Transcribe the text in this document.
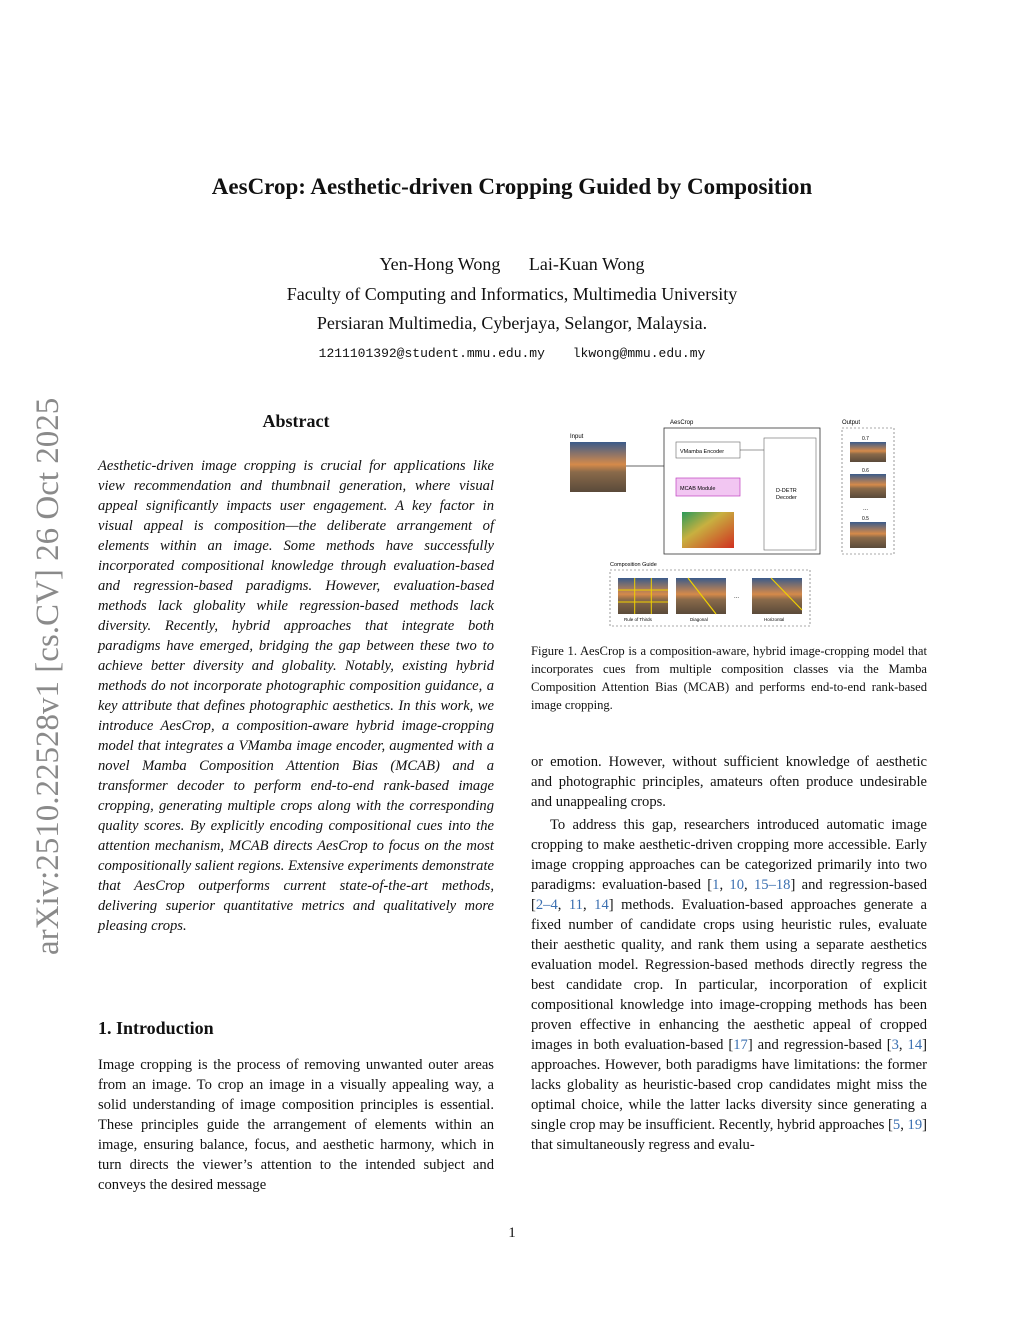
arXiv:2510.22528v1 [cs.CV] 26 Oct 2025
AesCrop: Aesthetic-driven Cropping Guided by Composition
Yen-Hong Wong Lai-Kuan Wong
Faculty of Computing and Informatics, Multimedia University
Persiaran Multimedia, Cyberjaya, Selangor, Malaysia.
1211101392@student.mmu.edu.my lkwong@mmu.edu.my
Abstract

Aesthetic-driven image cropping is crucial for applications like view recommendation and thumbnail generation, where visual appeal significantly impacts user engagement. A key factor in visual appeal is composition—the deliberate arrangement of elements within an image. Some methods have successfully incorporated compositional knowledge through evaluation-based and regression-based paradigms. However, evaluation-based methods lack globality while regression-based methods lack diversity. Recently, hybrid approaches that integrate both paradigms have emerged, bridging the gap between these two to achieve better diversity and globality. Notably, existing hybrid methods do not incorporate photographic composition guidance, a key attribute that defines photographic aesthetics. In this work, we introduce AesCrop, a composition-aware hybrid image-cropping model that integrates a VMamba image encoder, augmented with a novel Mamba Composition Attention Bias (MCAB) and a transformer decoder to perform end-to-end rank-based image cropping, generating multiple crops along with the corresponding quality scores. By explicitly encoding compositional cues into the attention mechanism, MCAB directs AesCrop to focus on the most compositionally salient regions. Extensive experiments demonstrate that AesCrop outperforms current state-of-the-art methods, delivering superior quantitative metrics and qualitatively more pleasing crops.

1. Introduction

Image cropping is the process of removing unwanted outer areas from an image. To crop an image in a visually appealing way, a solid understanding of image composition principles is essential. These principles guide the arrangement of elements within an image, ensuring balance, focus, and aesthetic harmony, which in turn directs the viewer’s attention to the intended subject and conveys the desired message

Input
AesCrop
VMamba Encoder
MCAB Module	D-DETR
Decoder
Output
0.7
0.6
...
0.5
Composition Guide
Rule of Thirds	Diagonal
...
Horizontal

Figure 1. AesCrop is a composition-aware, hybrid image-cropping model that incorporates cues from multiple composition classes via the Mamba Composition Attention Bias (MCAB) and performs end-to-end rank-based image cropping.

or emotion. However, without sufficient knowledge of aesthetic and photographic principles, amateurs often produce undesirable and unappealing crops.

To address this gap, researchers introduced automatic image cropping to make aesthetic-driven cropping more accessible. Early image cropping approaches can be categorized primarily into two paradigms: evaluation-based [1, 10, 15–18] and regression-based [2–4, 11, 14] methods. Evaluation-based approaches generate a fixed number of candidate crops using heuristic rules, evaluate their aesthetic quality, and rank them using a separate aesthetics evaluation model. Regression-based methods directly regress the best candidate crop. In particular, incorporation of explicit compositional knowledge into image-cropping methods has been proven effective in enhancing the aesthetic appeal of cropped images in both evaluation-based [17] and regression-based [3, 14] approaches. However, both paradigms have limitations: the former lacks globality as heuristic-based crop candidates might miss the optimal choice, while the latter lacks diversity since generating a single crop may be insufficient. Recently, hybrid approaches [5, 19] that simultaneously regress and evalu-

1
